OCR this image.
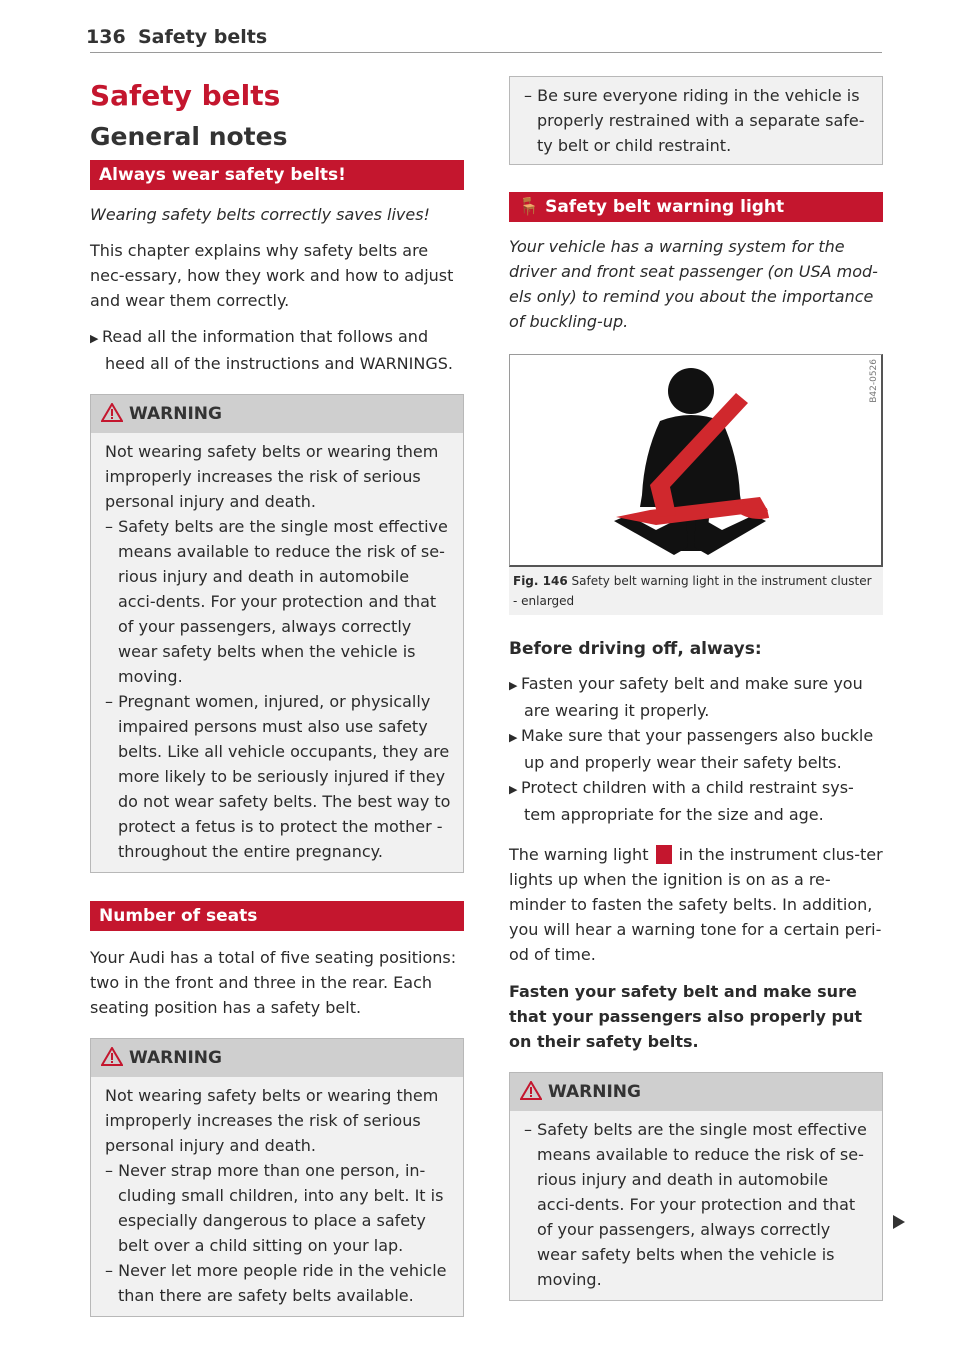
136 Safety belts
Safety belts
General notes
Always wear safety belts!

Wearing safety belts correctly saves lives!

This chapter explains why safety belts are nec-essary, how they work and how to adjust and wear them correctly.

▶ Read all the information that follows and heed all of the instructions and WARNINGS.

WARNING

Not wearing safety belts or wearing them improperly increases the risk of serious personal injury and death.

– Safety belts are the single most effective means available to reduce the risk of se-rious injury and death in automobile acci-dents. For your protection and that of your passengers, always correctly wear safety belts when the vehicle is moving.

– Pregnant women, injured, or physically impaired persons must also use safety belts. Like all vehicle occupants, they are more likely to be seriously injured if they do not wear safety belts. The best way to protect a fetus is to protect the mother - throughout the entire pregnancy.

Number of seats

Your Audi has a total of five seating positions: two in the front and three in the rear. Each seating position has a safety belt.

WARNING

Not wearing safety belts or wearing them improperly increases the risk of serious personal injury and death.

– Never strap more than one person, in-cluding small children, into any belt. It is especially dangerous to place a safety belt over a child sitting on your lap.

– Never let more people ride in the vehicle than there are safety belts available.

– Be sure everyone riding in the vehicle is properly restrained with a separate safe-ty belt or child restraint.

🪑 Safety belt warning light

Your vehicle has a warning system for the driver and front seat passenger (on USA mod-els only) to remind you about the importance of buckling-up.

B42-0526
Fig. 146 Safety belt warning light in the instrument cluster - enlarged

Before driving off, always:

▶ Fasten your safety belt and make sure you are wearing it properly.

▶ Make sure that your passengers also buckle up and properly wear their safety belts.

▶ Protect children with a child restraint sys-tem appropriate for the size and age.

The warning light in the instrument clus-ter lights up when the ignition is on as a re-minder to fasten the safety belts. In addition, you will hear a warning tone for a certain peri-od of time.

Fasten your safety belt and make sure that your passengers also properly put on their safety belts.

WARNING

– Safety belts are the single most effective means available to reduce the risk of se-rious injury and death in automobile acci-dents. For your protection and that of your passengers, always correctly wear safety belts when the vehicle is moving.
